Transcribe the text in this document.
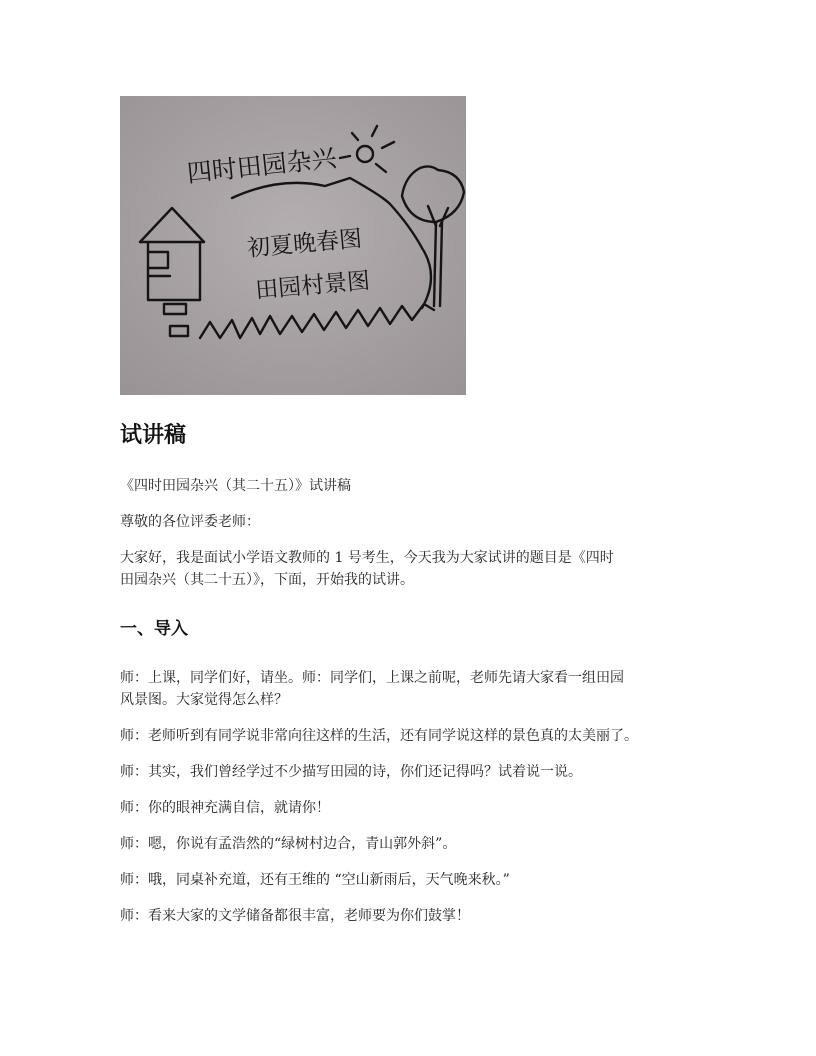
四时田园杂兴
初夏晚春图
田园村景图
试讲稿

《四时田园杂兴（其二十五）》试讲稿

尊敬的各位评委老师：

大家好，我是面试小学语文教师的 1 号考生，今天我为大家试讲的题目是《四时

田园杂兴（其二十五）》，下面，开始我的试讲。

一、导入

师：上课，同学们好，请坐。师：同学们，上课之前呢，老师先请大家看一组田园

风景图。大家觉得怎么样？

师：老师听到有同学说非常向往这样的生活，还有同学说这样的景色真的太美丽了。

师：其实，我们曾经学过不少描写田园的诗，你们还记得吗？试着说一说。

师：你的眼神充满自信，就请你！

师：嗯，你说有孟浩然的“绿树村边合，青山郭外斜”。

师：哦，同桌补充道，还有王维的 “空山新雨后，天气晚来秋。”

师：看来大家的文学储备都很丰富，老师要为你们鼓掌！
